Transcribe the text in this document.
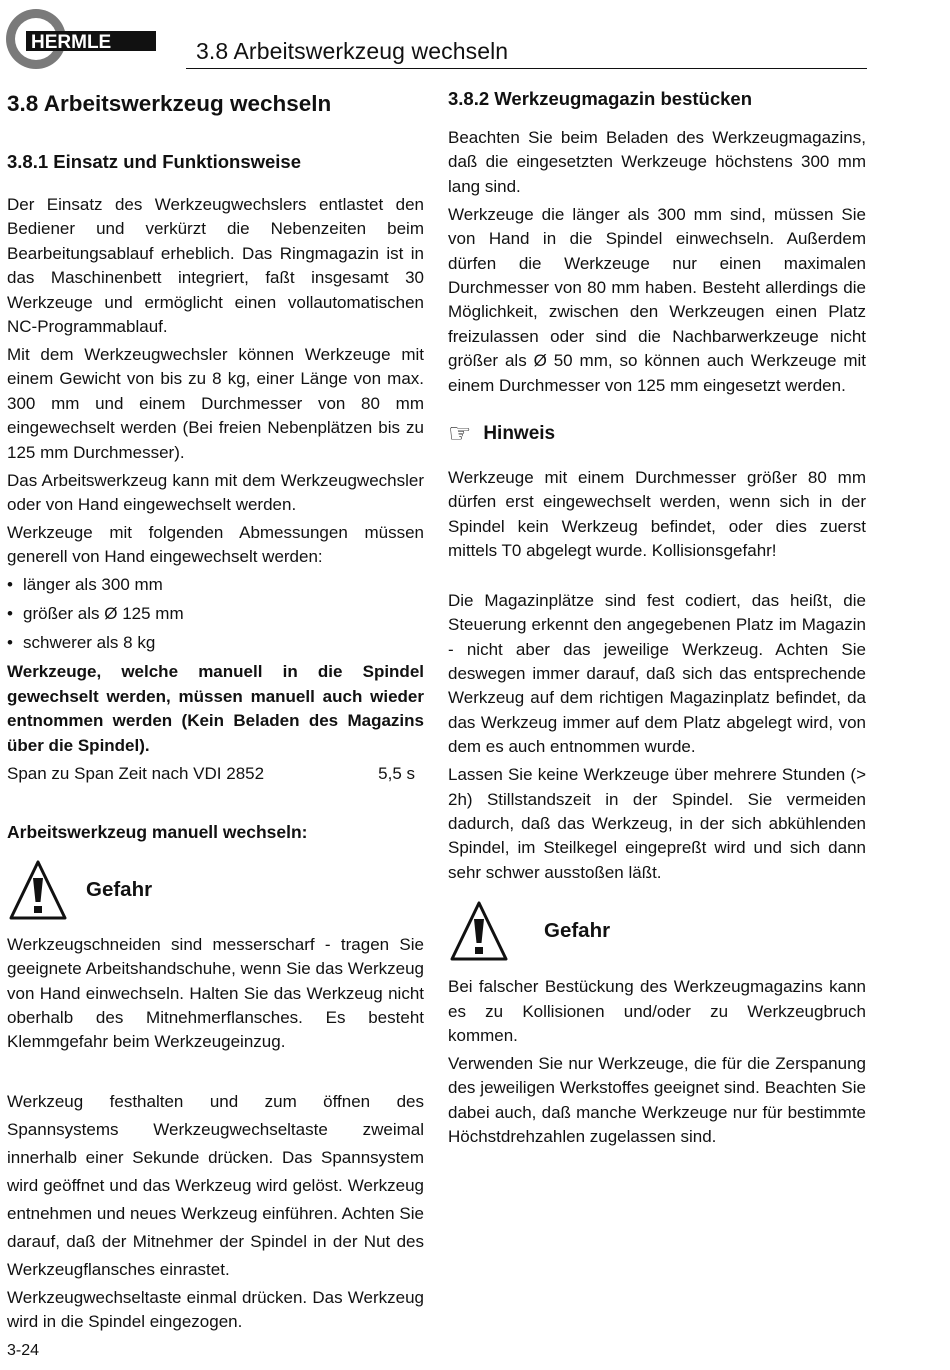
HERMLE	3.8 Arbeitswerkzeug wechseln
3.8 Arbeitswerkzeug wechseln
3.8.1 Einsatz und Funktionsweise

Der Einsatz des Werkzeugwechslers entlastet den Bediener und verkürzt die Nebenzeiten beim Bearbeitungsablauf erheblich. Das Ringmagazin ist in das Maschinenbett integriert, faßt insgesamt 30 Werkzeuge und ermöglicht einen vollautomatischen NC-Programmablauf.

Mit dem Werkzeugwechsler können Werkzeuge mit einem Gewicht von bis zu 8 kg, einer Länge von max. 300 mm und einem Durchmesser von 80 mm eingewechselt werden (Bei freien Nebenplätzen bis zu 125 mm Durchmesser).

Das Arbeitswerkzeug kann mit dem Werkzeugwechsler oder von Hand eingewechselt werden.

Werkzeuge mit folgenden Abmessungen müssen generell von Hand eingewechselt werden:

• länger als 300 mm
• größer als Ø 125 mm
• schwerer als 8 kg

Werkzeuge, welche manuell in die Spindel gewechselt werden, müssen manuell auch wieder entnommen werden (Kein Beladen des Magazins über die Spindel).

Span zu Span Zeit nach VDI 2852	5,5 s
Arbeitswerkzeug manuell wechseln:
Gefahr

Werkzeugschneiden sind messerscharf - tragen Sie geeignete Arbeitshandschuhe, wenn Sie das Werkzeug von Hand einwechseln. Halten Sie das Werkzeug nicht oberhalb des Mitnehmerflansches. Es besteht Klemmgefahr beim Werkzeugeinzug.

Werkzeug festhalten und zum öffnen des Spannsystems Werkzeugwechseltaste zweimal innerhalb einer Sekunde drücken. Das Spannsystem wird geöffnet und das Werkzeug wird gelöst. Werkzeug entnehmen und neues Werkzeug einführen. Achten Sie darauf, daß der Mitnehmer der Spindel in der Nut des Werkzeugflansches einrastet.

Werkzeugwechseltaste einmal drücken. Das Werkzeug wird in die Spindel eingezogen.

3.8.2 Werkzeugmagazin bestücken

Beachten Sie beim Beladen des Werkzeugmagazins, daß die eingesetzten Werkzeuge höchstens 300 mm lang sind.

Werkzeuge die länger als 300 mm sind, müssen Sie von Hand in die Spindel einwechseln. Außerdem dürfen die Werkzeuge nur einen maximalen Durchmesser von 80 mm haben. Besteht allerdings die Möglichkeit, zwischen den Werkzeugen einen Platz freizulassen oder sind die Nachbarwerkzeuge nicht größer als Ø 50 mm, so können auch Werkzeuge mit einem Durchmesser von 125 mm eingesetzt werden.

☞ Hinweis

Werkzeuge mit einem Durchmesser größer 80 mm dürfen erst eingewechselt werden, wenn sich in der Spindel kein Werkzeug befindet, oder dies zuerst mittels T0 abgelegt wurde. Kollisionsgefahr!

Die Magazinplätze sind fest codiert, das heißt, die Steuerung erkennt den angegebenen Platz im Magazin - nicht aber das jeweilige Werkzeug. Achten Sie deswegen immer darauf, daß sich das entsprechende Werkzeug auf dem richtigen Magazinplatz befindet, da das Werkzeug immer auf dem Platz abgelegt wird, von dem es auch entnommen wurde.

Lassen Sie keine Werkzeuge über mehrere Stunden (> 2h) Stillstandszeit in der Spindel. Sie vermeiden dadurch, daß das Werkzeug, in der sich abkühlenden Spindel, im Steilkegel eingepreßt wird und sich dann sehr schwer ausstoßen läßt.

Gefahr

Bei falscher Bestückung des Werkzeugmagazins kann es zu Kollisionen und/oder zu Werkzeugbruch kommen.

Verwenden Sie nur Werkzeuge, die für die Zerspanung des jeweiligen Werkstoffes geeignet sind. Beachten Sie dabei auch, daß manche Werkzeuge nur für bestimmte Höchstdrehzahlen zugelassen sind.

3-24
